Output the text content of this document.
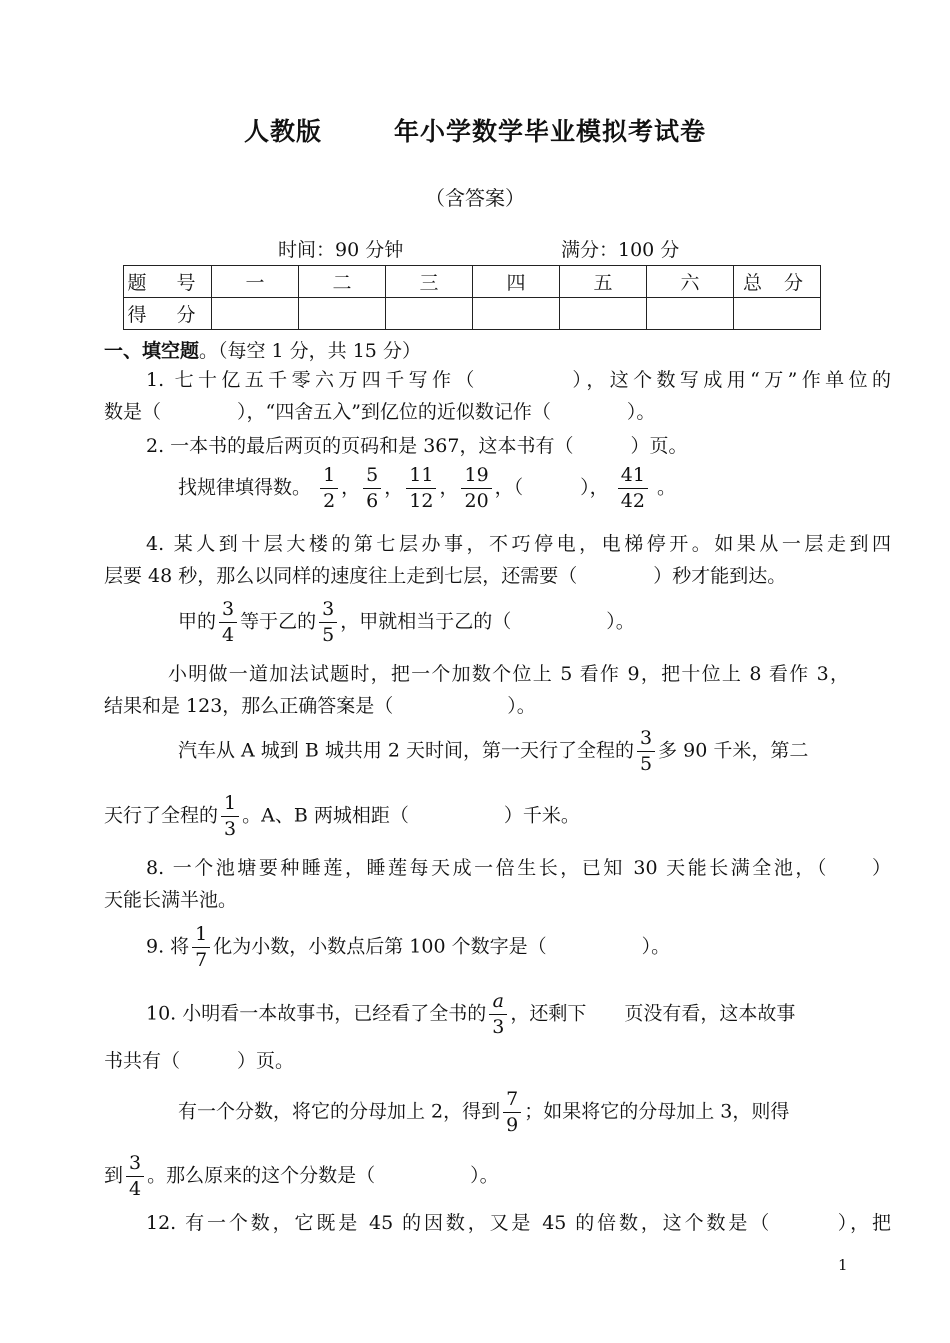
人教版	年小学数学毕业模拟考试卷
（含答案）
时间：90 分钟	满分：100 分
题 号	一	二	三	四	五	六	总 分
得 分							
一、填空题。（每空 1 分，共 15 分）
1. 七十亿五千零六万四千写作（　　　　），这个数写成用“万”作单位的
数是（　　　　），“四舍五入”到亿位的近似数记作（　　　　）。
2. 一本书的最后两页的页码和是 367，这本书有（　　　）页。
找规律填得数。 $\frac{1}{2}$ ， $\frac{5}{6}$ ， $\frac{11}{12}$ ， $\frac{19}{20}$ ，（　　　）， $\frac{41}{42}$ 。
4. 某人到十层大楼的第七层办事，不巧停电，电梯停开。如果从一层走到四
层要 48 秒，那么以同样的速度往上走到七层，还需要（　　　　）秒才能到达。
甲的 $\frac{3}{4}$ 等于乙的 $\frac{3}{5}$ ，甲就相当于乙的（　　　　　）。
小明做一道加法试题时，把一个加数个位上 5 看作 9，把十位上 8 看作 3，
结果和是 123，那么正确答案是（　　　　　　）。
汽车从 A 城到 B 城共用 2 天时间，第一天行了全程的 $\frac{3}{5}$ 多 90 千米，第二
天行了全程的 $\frac{1}{3}$ 。A、B 两城相距（　　　　　）千米。
8. 一个池塘要种睡莲，睡莲每天成一倍生长，已知 30 天能长满全池，（　　）
天能长满半池。
9. 将 $\frac{1}{7}$ 化为小数，小数点后第 100 个数字是（　　　　　）。
10. 小明看一本故事书，已经看了全书的 $\frac{a}{3}$ ，还剩下　　页没有看，这本故事
书共有（　　　）页。
有一个分数，将它的分母加上 2，得到 $\frac{7}{9}$ ；如果将它的分母加上 3，则得
到 $\frac{3}{4}$ 。那么原来的这个分数是（　　　　　）。
12. 有一个数，它既是 45 的因数，又是 45 的倍数，这个数是（　　　），把
1
